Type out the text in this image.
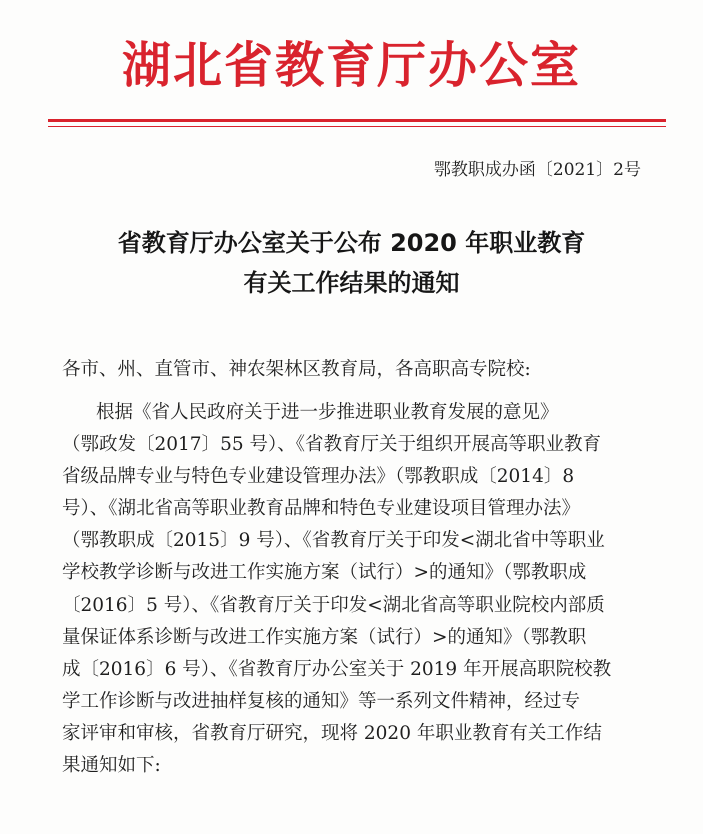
湖北省教育厅办公室
鄂教职成办函〔2021〕2号
省教育厅办公室关于公布 2020 年职业教育
有关工作结果的通知
各市、州、直管市、神农架林区教育局，各高职高专院校:
根据《省人民政府关于进一步推进职业教育发展的意见》
（鄂政发〔2017〕55 号）、《省教育厅关于组织开展高等职业教育
省级品牌专业与特色专业建设管理办法》（鄂教职成〔2014〕8
号）、《湖北省高等职业教育品牌和特色专业建设项目管理办法》
（鄂教职成〔2015〕9 号）、《省教育厅关于印发<湖北省中等职业
学校教学诊断与改进工作实施方案（试行）>的通知》（鄂教职成
〔2016〕5 号）、《省教育厅关于印发<湖北省高等职业院校内部质
量保证体系诊断与改进工作实施方案（试行）>的通知》（鄂教职
成〔2016〕6 号）、《省教育厅办公室关于 2019 年开展高职院校教
学工作诊断与改进抽样复核的通知》等一系列文件精神，经过专
家评审和审核，省教育厅研究，现将 2020 年职业教育有关工作结
果通知如下:
